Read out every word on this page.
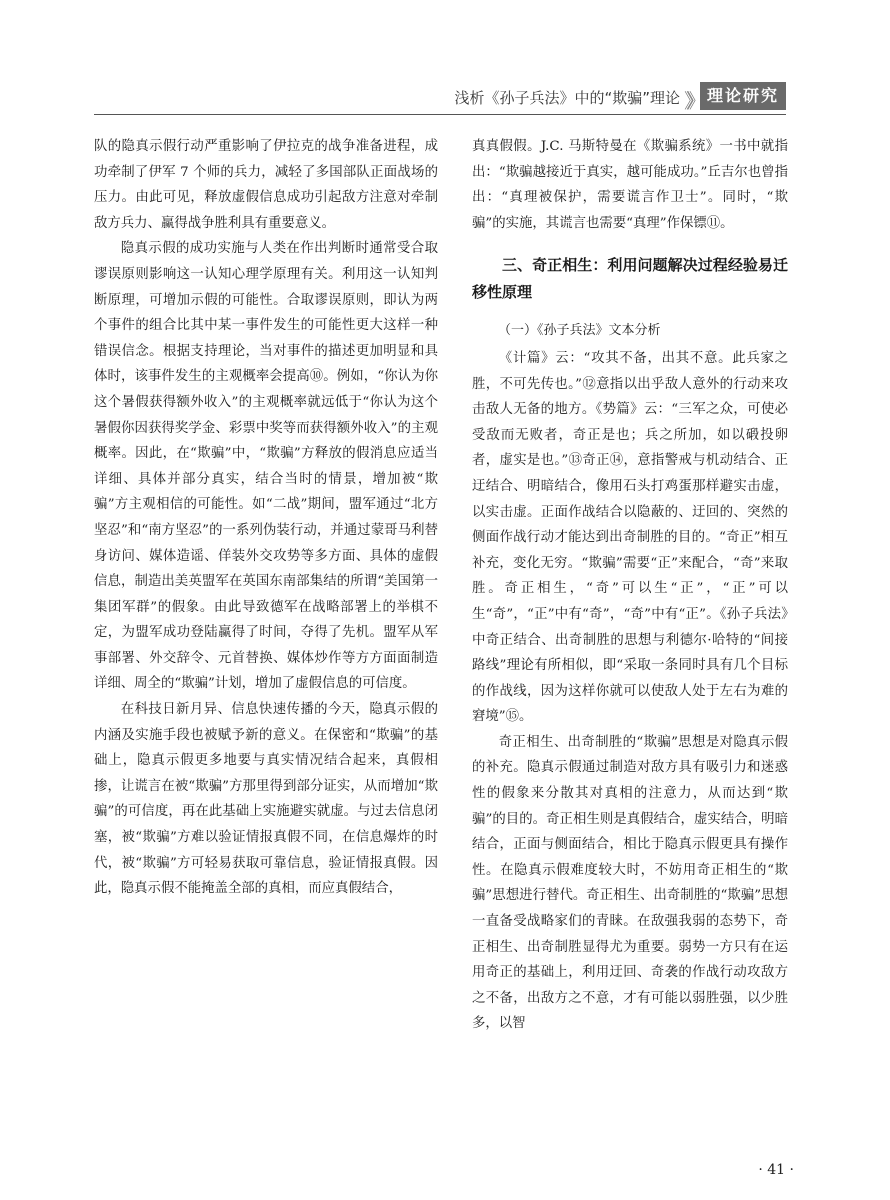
浅析《孙子兵法》中的“欺骗”理论 》》 理论研究

队的隐真示假行动严重影响了伊拉克的战争准备进程，成功牵制了伊军 7 个师的兵力，减轻了多国部队正面战场的压力。由此可见，释放虚假信息成功引起敌方注意对牵制敌方兵力、赢得战争胜利具有重要意义。

隐真示假的成功实施与人类在作出判断时通常受合取谬误原则影响这一认知心理学原理有关。利用这一认知判断原理，可增加示假的可能性。合取谬误原则，即认为两个事件的组合比其中某一事件发生的可能性更大这样一种错误信念。根据支持理论，当对事件的描述更加明显和具体时，该事件发生的主观概率会提高⑩。例如，“你认为你这个暑假获得额外收入”的主观概率就远低于“你认为这个暑假你因获得奖学金、彩票中奖等而获得额外收入”的主观概率。因此，在“欺骗”中，“欺骗”方释放的假消息应适当详细、具体并部分真实，结合当时的情景，增加被“欺骗”方主观相信的可能性。如“二战”期间，盟军通过“北方坚忍”和“南方坚忍”的一系列伪装行动，并通过蒙哥马利替身访问、媒体造谣、佯装外交攻势等多方面、具体的虚假信息，制造出美英盟军在英国东南部集结的所谓“美国第一集团军群”的假象。由此导致德军在战略部署上的举棋不定，为盟军成功登陆赢得了时间，夺得了先机。盟军从军事部署、外交辞令、元首替换、媒体炒作等方方面面制造详细、周全的“欺骗”计划，增加了虚假信息的可信度。

在科技日新月异、信息快速传播的今天，隐真示假的内涵及实施手段也被赋予新的意义。在保密和“欺骗”的基础上，隐真示假更多地要与真实情况结合起来，真假相掺，让谎言在被“欺骗”方那里得到部分证实，从而增加“欺骗”的可信度，再在此基础上实施避实就虚。与过去信息闭塞，被“欺骗”方难以验证情报真假不同，在信息爆炸的时代，被“欺骗”方可轻易获取可靠信息，验证情报真假。因此，隐真示假不能掩盖全部的真相，而应真假结合，

真真假假。J.C. 马斯特曼在《欺骗系统》一书中就指出：“欺骗越接近于真实，越可能成功。”丘吉尔也曾指出：“真理被保护，需要谎言作卫士”。同时，“欺骗”的实施，其谎言也需要“真理”作保镖⑪。

三、奇正相生：利用问题解决过程经验易迁移性原理

（一）《孙子兵法》文本分析

《计篇》云：“攻其不备，出其不意。此兵家之胜，不可先传也。”⑫意指以出乎敌人意外的行动来攻击敌人无备的地方。《势篇》云：“三军之众，可使必受敌而无败者，奇正是也；兵之所加，如以碫投卵者，虚实是也。”⑬奇正⑭，意指警戒与机动结合、正迂结合、明暗结合，像用石头打鸡蛋那样避实击虚，以实击虚。正面作战结合以隐蔽的、迂回的、突然的侧面作战行动才能达到出奇制胜的目的。“奇正”相互补充，变化无穷。“欺骗”需要“正”来配合，“奇”来取胜。奇正相生，“奇”可以生“正”，“正”可以生“奇”，“正”中有“奇”，“奇”中有“正”。《孙子兵法》中奇正结合、出奇制胜的思想与利德尔·哈特的“间接路线”理论有所相似，即“采取一条同时具有几个目标的作战线，因为这样你就可以使敌人处于左右为难的窘境”⑮。

奇正相生、出奇制胜的“欺骗”思想是对隐真示假的补充。隐真示假通过制造对敌方具有吸引力和迷惑性的假象来分散其对真相的注意力，从而达到“欺骗”的目的。奇正相生则是真假结合，虚实结合，明暗结合，正面与侧面结合，相比于隐真示假更具有操作性。在隐真示假难度较大时，不妨用奇正相生的“欺骗”思想进行替代。奇正相生、出奇制胜的“欺骗”思想一直备受战略家们的青睐。在敌强我弱的态势下，奇正相生、出奇制胜显得尤为重要。弱势一方只有在运用奇正的基础上，利用迂回、奇袭的作战行动攻敌方之不备，出敌方之不意，才有可能以弱胜强，以少胜多，以智

· 41 ·
